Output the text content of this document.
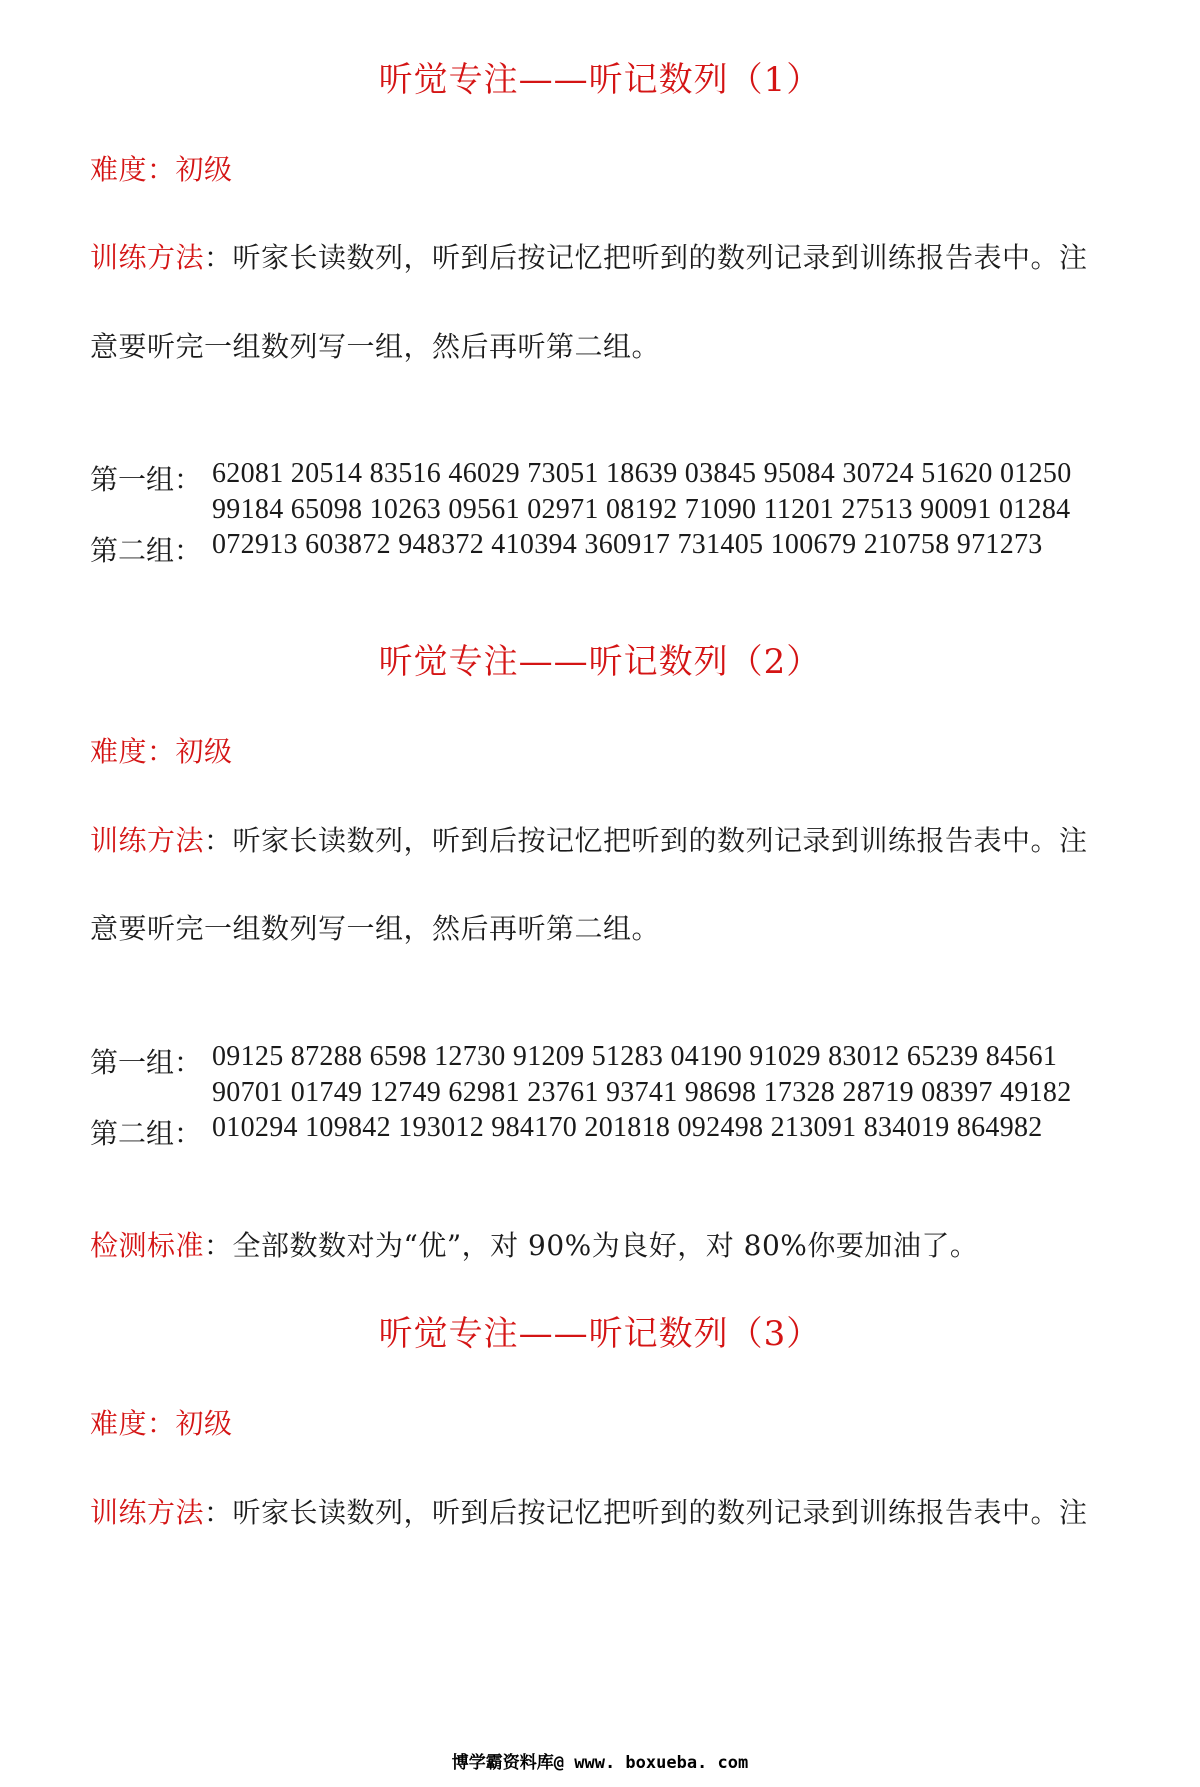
听觉专注——听记数列（1）
难度：初级
训练方法：听家长读数列，听到后按记忆把听到的数列记录到训练报告表中。注
意要听完一组数列写一组，然后再听第二组。
第一组： 62081 20514 83516 46029 73051 18639 03845 95084 30724 51620 01250
99184 65098 10263 09561 02971 08192 71090 11201 27513 90091 01284
第二组： 072913 603872 948372 410394 360917 731405 100679 210758 971273
听觉专注——听记数列（2）
难度：初级
训练方法：听家长读数列，听到后按记忆把听到的数列记录到训练报告表中。注
意要听完一组数列写一组，然后再听第二组。
第一组： 09125 87288 6598 12730 91209 51283 04190 91029 83012 65239 84561
90701 01749 12749 62981 23761 93741 98698 17328 28719 08397 49182
第二组： 010294 109842 193012 984170 201818 092498 213091 834019 864982
检测标准：全部数数对为“优”，对 90%为良好，对 80%你要加油了。
听觉专注——听记数列（3）
难度：初级
训练方法：听家长读数列，听到后按记忆把听到的数列记录到训练报告表中。注
博学霸资料库@ www. boxueba. com
